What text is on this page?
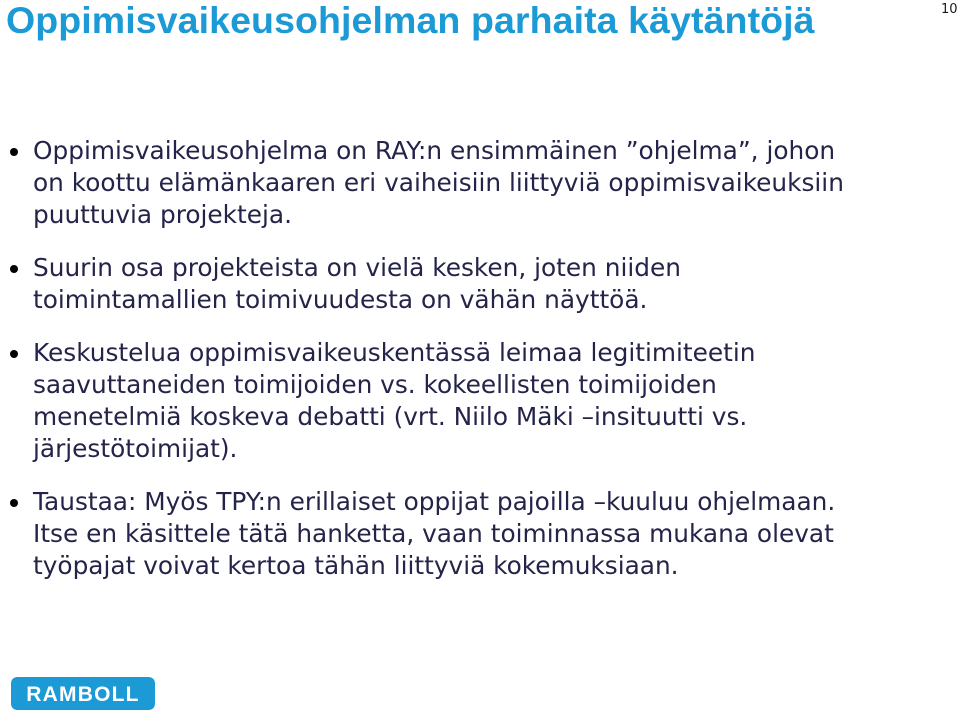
Oppimisvaikeusohjelman parhaita käytäntöjä	10
Oppimisvaikeusohjelma on RAY:n ensimmäinen ”ohjelma”, johon
on koottu elämänkaaren eri vaiheisiin liittyviä oppimisvaikeuksiin
puuttuvia projekteja.
Suurin osa projekteista on vielä kesken, joten niiden
toimintamallien toimivuudesta on vähän näyttöä.
Keskustelua oppimisvaikeuskentässä leimaa legitimiteetin
saavuttaneiden toimijoiden vs. kokeellisten toimijoiden
menetelmiä koskeva debatti (vrt. Niilo Mäki –insituutti vs.
järjestötoimijat).
Taustaa: Myös TPY:n erillaiset oppijat pajoilla –kuuluu ohjelmaan.
Itse en käsittele tätä hanketta, vaan toiminnassa mukana olevat
työpajat voivat kertoa tähän liittyviä kokemuksiaan.
RAMBOLL
